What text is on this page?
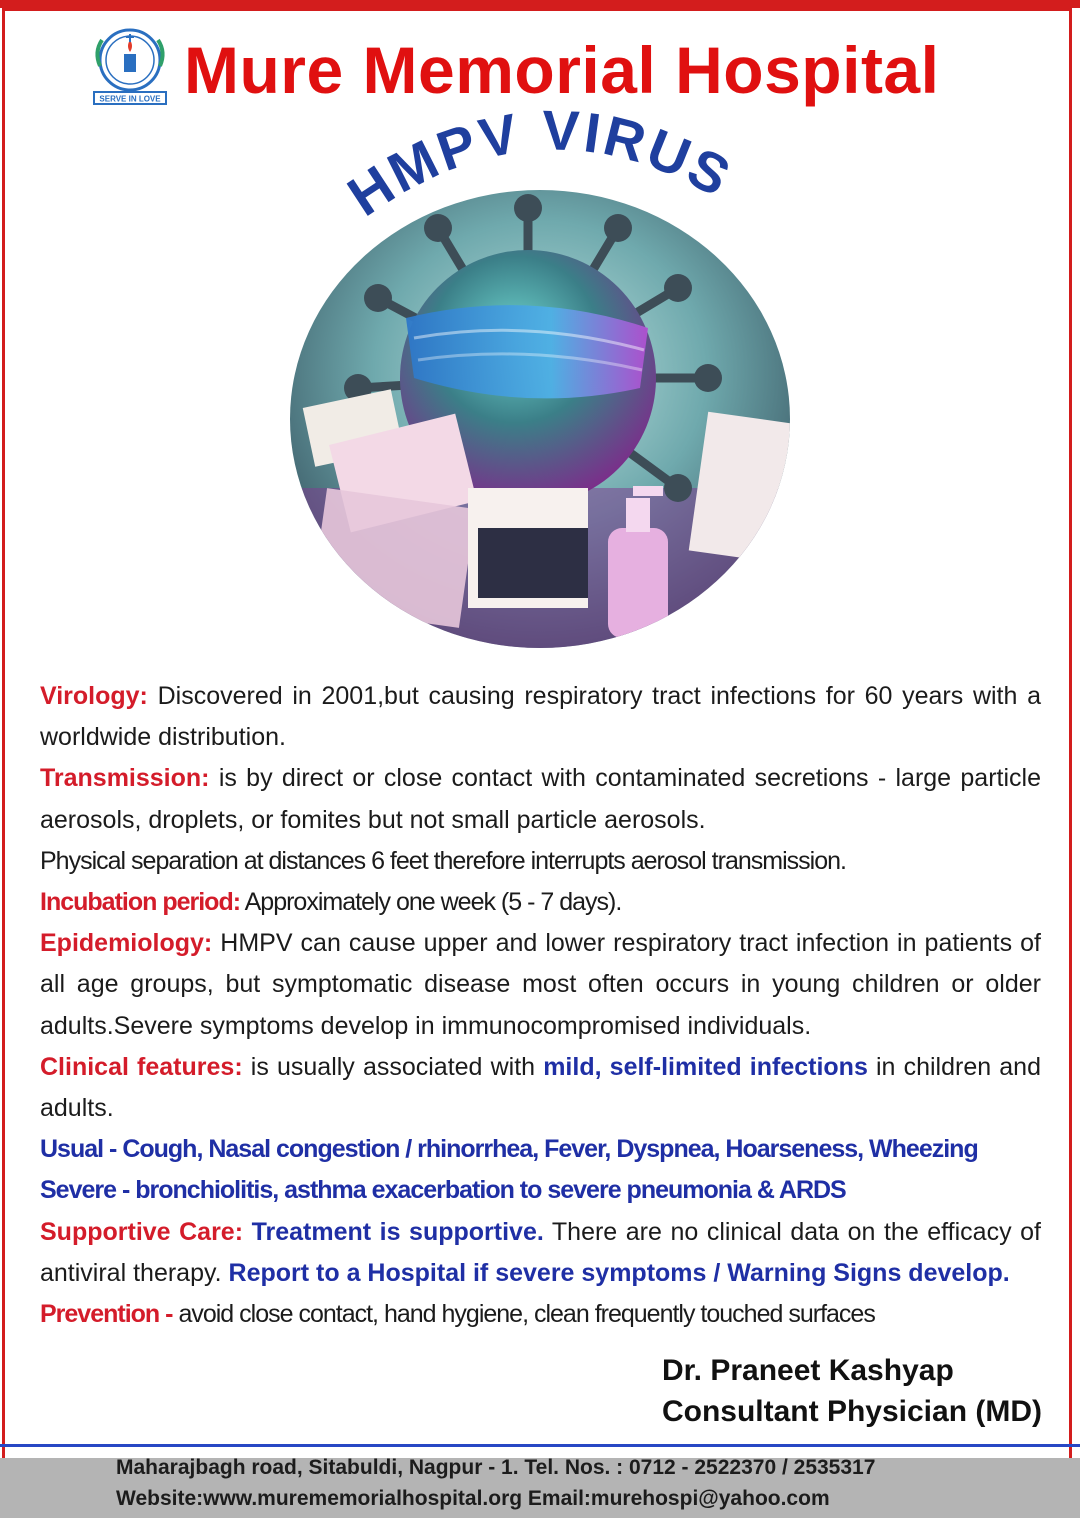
SERVE IN LOVE Mure Memorial Hospital
HMPV VIRUS

Virology: Discovered in 2001,but causing respiratory tract infections for 60 years with a worldwide distribution.

Transmission: is by direct or close contact with contaminated secretions - large particle aerosols, droplets, or fomites but not small particle aerosols.

Physical separation at distances 6 feet therefore interrupts aerosol transmission.

Incubation period: Approximately one week (5 - 7 days).

Epidemiology: HMPV can cause upper and lower respiratory tract infection in patients of all age groups, but symptomatic disease most often occurs in young children or older adults.Severe symptoms develop in immunocompromised individuals.

Clinical features: is usually associated with mild, self-limited infections in children and adults.

Usual - Cough, Nasal congestion / rhinorrhea, Fever, Dyspnea, Hoarseness, Wheezing

Severe - bronchiolitis, asthma exacerbation to severe pneumonia & ARDS

Supportive Care: Treatment is supportive. There are no clinical data on the efficacy of antiviral therapy. Report to a Hospital if severe symptoms / Warning Signs develop.

Prevention - avoid close contact, hand hygiene, clean frequently touched surfaces

Dr. Praneet Kashyap
Consultant Physician (MD)
Maharajbagh road, Sitabuldi, Nagpur - 1. Tel. Nos. : 0712 - 2522370 / 2535317
Website:www.murememorialhospital.org Email:murehospi@yahoo.com
